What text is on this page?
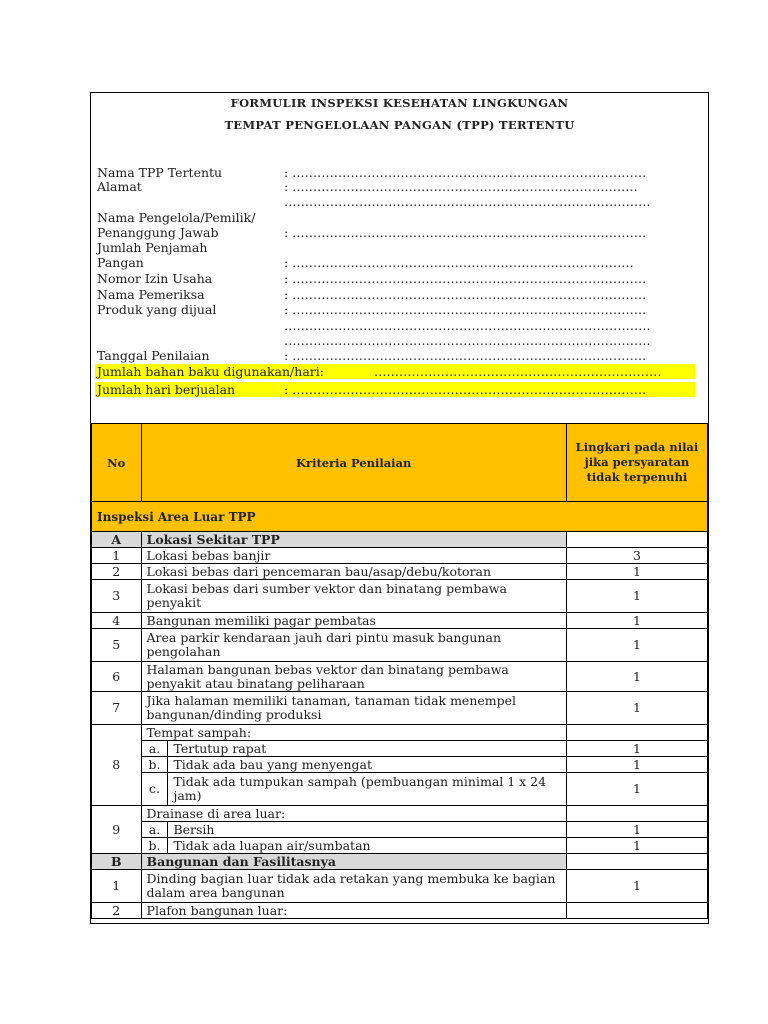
FORMULIR INSPEKSI KESEHATAN LINGKUNGAN
TEMPAT PENGELOLAAN PANGAN (TPP) TERTENTU
Nama TPP Tertentu	: ………………………………………………………………………….
Alamat	: ………………….…………………………………………………….
…………………………………………………………………………….
Nama Pengelola/Pemilik/
Penanggung Jawab	: ………………………………………………………………………….
Jumlah Penjamah
Pangan	: ……………………………………………………………………….
Nomor Izin Usaha	: ………………………………………………………………………….
Nama Pemeriksa	: ………………………………………………………………………….
Produk yang dijual	: ………………………………………………………………………….
…………………………………………………………………………….
…………………………………………………………………………….
Tanggal Penilaian	: ………………………………………………………………………….
Jumlah bahan baku digunakan/hari:	……………………………………………………………
Jumlah hari berjualan	: ………………………………………………………………………….
No	Kriteria Penilaian		Lingkari pada nilai jika persyaratan tidak terpenuhi
Inspeksi Area Luar TPP			
A	Lokasi Sekitar TPP		
1	Lokasi bebas banjir		3
2	Lokasi bebas dari pencemaran bau/asap/debu/kotoran		1
3	Lokasi bebas dari sumber vektor dan binatang pembawa penyakit		1
4	Bangunan memiliki pagar pembatas		1
5	Area parkir kendaraan jauh dari pintu masuk bangunan pengolahan		1
6	Halaman bangunan bebas vektor dan binatang pembawa penyakit atau binatang peliharaan		1
7	Jika halaman memiliki tanaman, tanaman tidak menempel bangunan/dinding produksi		1
8	Tempat sampah:		
	a.	Tertutup rapat	1
	b.	Tidak ada bau yang menyengat	1
	c.	Tidak ada tumpukan sampah (pembuangan minimal 1 x 24 jam)	1
9	Drainase di area luar:		
	a.	Bersih	1
	b.	Tidak ada luapan air/sumbatan	1
B	Bangunan dan Fasilitasnya		
1	Dinding bagian luar tidak ada retakan yang membuka ke bagian dalam area bangunan		1
2	Plafon bangunan luar:		
